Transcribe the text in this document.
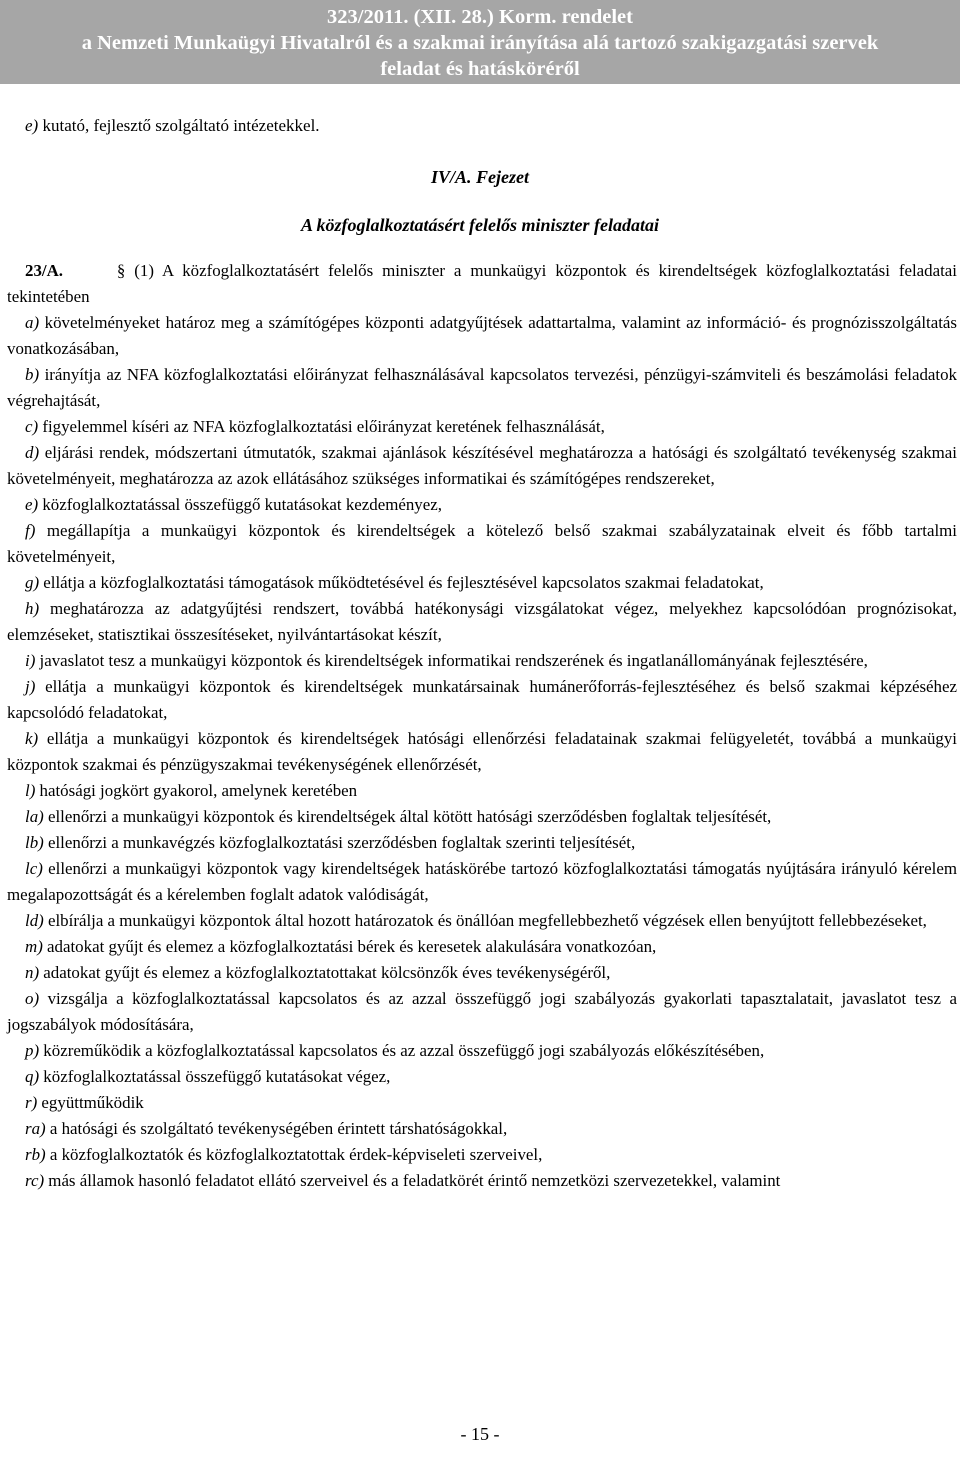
323/2011. (XII. 28.) Korm. rendelet
a Nemzeti Munkaügyi Hivatalról és a szakmai irányítása alá tartozó szakigazgatási szervek
feladat és hatásköréről
e) kutató, fejlesztő szolgáltató intézetekkel.
IV/A. Fejezet
A közfoglalkoztatásért felelős miniszter feladatai

23/A.	§ (1) A közfoglalkoztatásért felelős miniszter a munkaügyi központok és kirendeltségek közfoglalkoztatási feladatai tekintetében

a) követelményeket határoz meg a számítógépes központi adatgyűjtések adattartalma, valamint az információ- és prognózisszolgáltatás vonatkozásában,

b) irányítja az NFA közfoglalkoztatási előirányzat felhasználásával kapcsolatos tervezési, pénzügyi-számviteli és beszámolási feladatok végrehajtását,

c) figyelemmel kíséri az NFA közfoglalkoztatási előirányzat keretének felhasználását,

d) eljárási rendek, módszertani útmutatók, szakmai ajánlások készítésével meghatározza a hatósági és szolgáltató tevékenység szakmai követelményeit, meghatározza az azok ellátásához szükséges informatikai és számítógépes rendszereket,

e) közfoglalkoztatással összefüggő kutatásokat kezdeményez,

f) megállapítja a munkaügyi központok és kirendeltségek a kötelező belső szakmai szabályzatainak elveit és főbb tartalmi követelményeit,

g) ellátja a közfoglalkoztatási támogatások működtetésével és fejlesztésével kapcsolatos szakmai feladatokat,

h) meghatározza az adatgyűjtési rendszert, továbbá hatékonysági vizsgálatokat végez, melyekhez kapcsolódóan prognózisokat, elemzéseket, statisztikai összesítéseket, nyilvántartásokat készít,

i) javaslatot tesz a munkaügyi központok és kirendeltségek informatikai rendszerének és ingatlanállományának fejlesztésére,

j) ellátja a munkaügyi központok és kirendeltségek munkatársainak humánerőforrás-fejlesztéséhez és belső szakmai képzéséhez kapcsolódó feladatokat,

k) ellátja a munkaügyi központok és kirendeltségek hatósági ellenőrzési feladatainak szakmai felügyeletét, továbbá a munkaügyi központok szakmai és pénzügyszakmai tevékenységének ellenőrzését,

l) hatósági jogkört gyakorol, amelynek keretében

la) ellenőrzi a munkaügyi központok és kirendeltségek által kötött hatósági szerződésben foglaltak teljesítését,

lb) ellenőrzi a munkavégzés közfoglalkoztatási szerződésben foglaltak szerinti teljesítését,

lc) ellenőrzi a munkaügyi központok vagy kirendeltségek hatáskörébe tartozó közfoglalkoztatási támogatás nyújtására irányuló kérelem megalapozottságát és a kérelemben foglalt adatok valódiságát,

ld) elbírálja a munkaügyi központok által hozott határozatok és önállóan megfellebbezhető végzések ellen benyújtott fellebbezéseket,

m) adatokat gyűjt és elemez a közfoglalkoztatási bérek és keresetek alakulására vonatkozóan,

n) adatokat gyűjt és elemez a közfoglalkoztatottakat kölcsönzők éves tevékenységéről,

o) vizsgálja a közfoglalkoztatással kapcsolatos és az azzal összefüggő jogi szabályozás gyakorlati tapasztalatait, javaslatot tesz a jogszabályok módosítására,

p) közreműködik a közfoglalkoztatással kapcsolatos és az azzal összefüggő jogi szabályozás előkészítésében,

q) közfoglalkoztatással összefüggő kutatásokat végez,

r) együttműködik

ra) a hatósági és szolgáltató tevékenységében érintett társhatóságokkal,

rb) a közfoglalkoztatók és közfoglalkoztatottak érdek-képviseleti szerveivel,

rc) más államok hasonló feladatot ellátó szerveivel és a feladatkörét érintő nemzetközi szervezetekkel, valamint

- 15 -
